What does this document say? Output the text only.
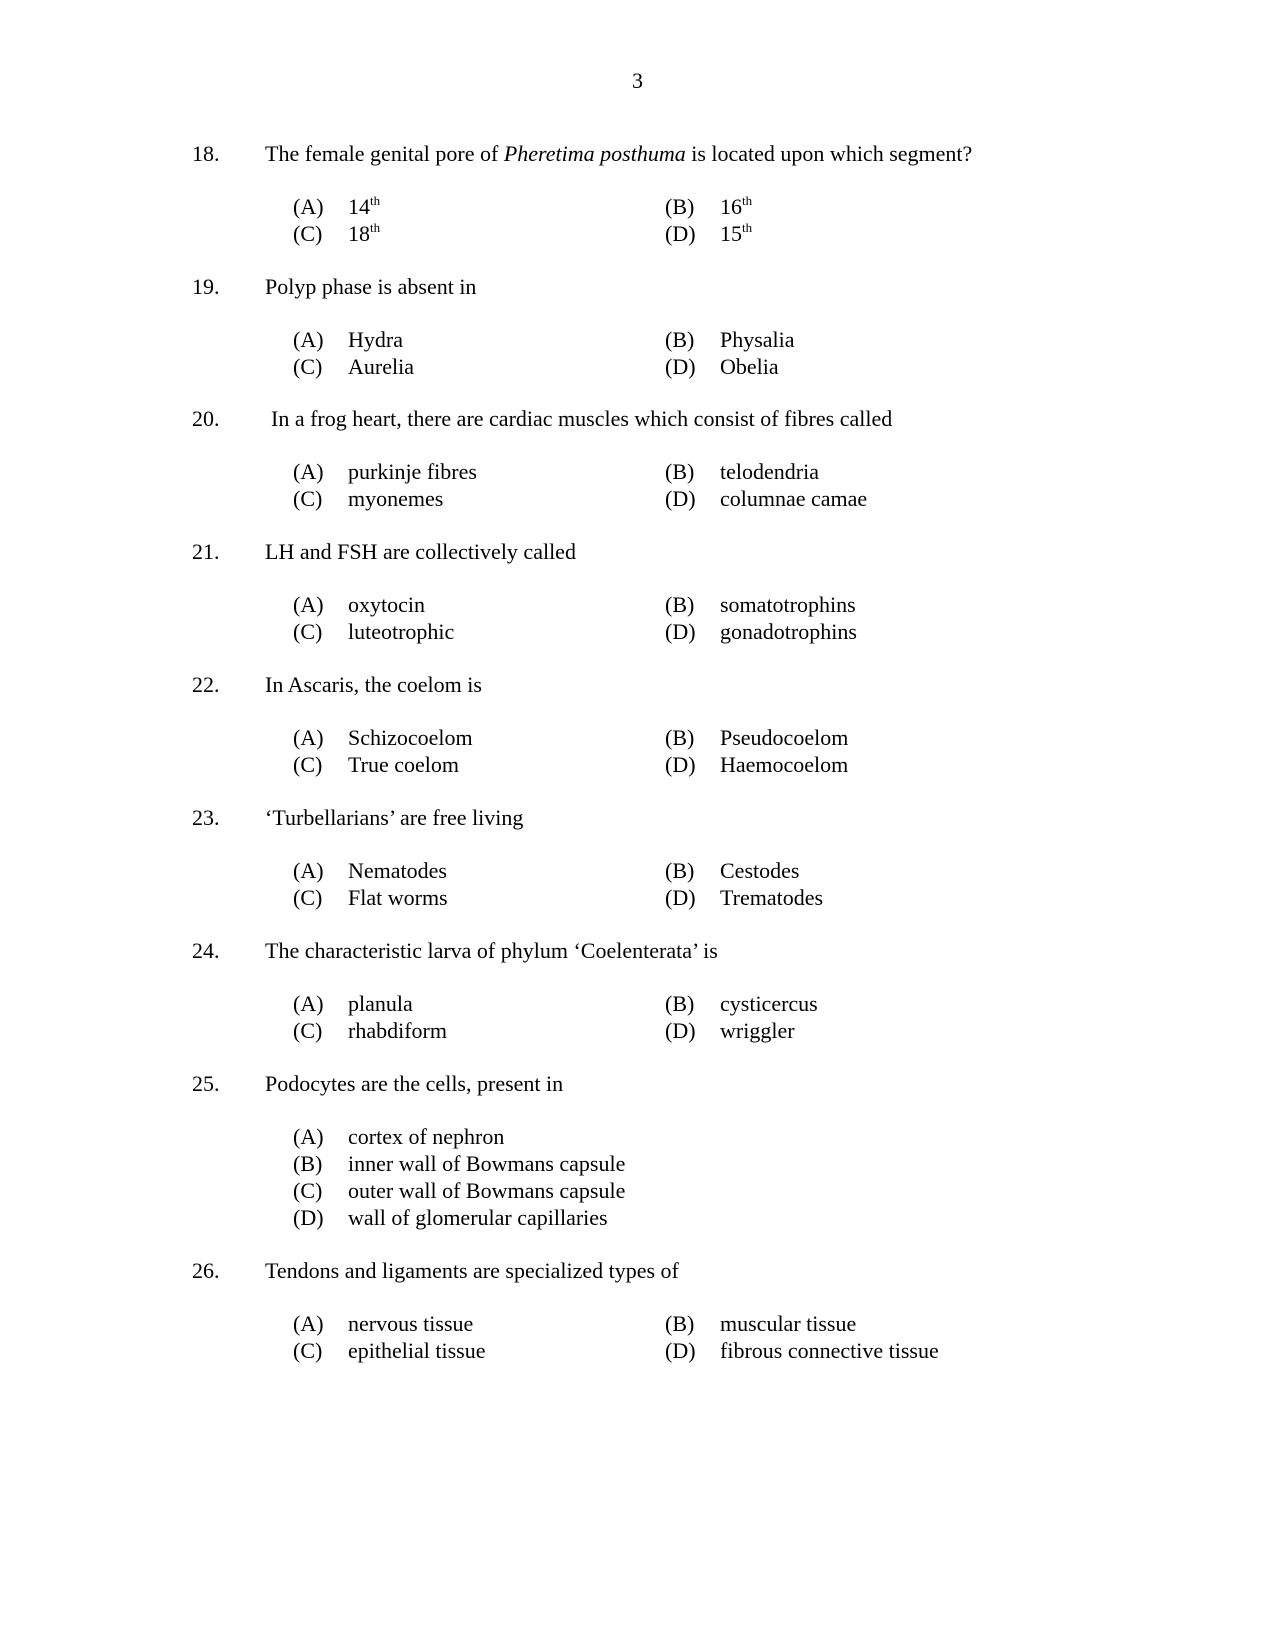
3
18. The female genital pore of Pheretima posthuma is located upon which segment?
(A) 14th	(B) 16th
(C) 18th	(D) 15th
19. Polyp phase is absent in
(A) Hydra	(B) Physalia
(C) Aurelia	(D) Obelia
20. In a frog heart, there are cardiac muscles which consist of fibres called
(A) purkinje fibres	(B) telodendria
(C) myonemes	(D) columnae camae
21. LH and FSH are collectively called
(A) oxytocin	(B) somatotrophins
(C) luteotrophic	(D) gonadotrophins
22. In Ascaris, the coelom is
(A) Schizocoelom	(B) Pseudocoelom
(C) True coelom	(D) Haemocoelom
23. ‘Turbellarians’ are free living
(A) Nematodes	(B) Cestodes
(C) Flat worms	(D) Trematodes
24. The characteristic larva of phylum ‘Coelenterata’ is
(A) planula	(B) cysticercus
(C) rhabdiform	(D) wriggler
25. Podocytes are the cells, present in
(A) cortex of nephron
(B) inner wall of Bowmans capsule
(C) outer wall of Bowmans capsule
(D) wall of glomerular capillaries
26. Tendons and ligaments are specialized types of
(A) nervous tissue	(B) muscular tissue
(C) epithelial tissue	(D) fibrous connective tissue
